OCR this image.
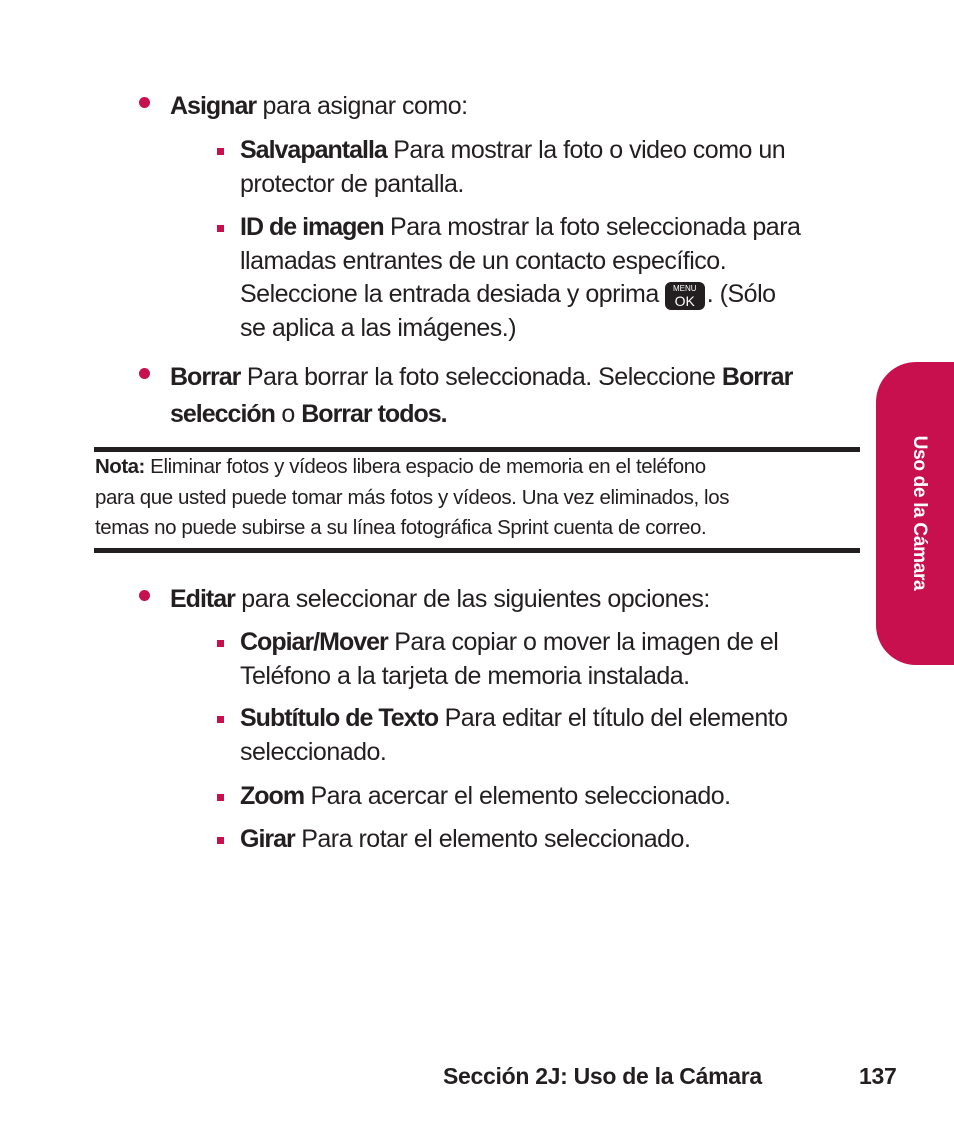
Asignar para asignar como:
Salvapantalla Para mostrar la foto o video como un
protector de pantalla.
ID de imagen Para mostrar la foto seleccionada para
llamadas entrantes de un contacto específico.
Seleccione la entrada desiada y oprima	MENU
OK . (Sólo
se aplica a las imágenes.)
Borrar Para borrar la foto seleccionada. Seleccione Borrar
selección o Borrar todos.
Nota: Eliminar fotos y vídeos libera espacio de memoria en el teléfono
para que usted puede tomar más fotos y vídeos. Una vez eliminados, los
temas no puede subirse a su línea fotográfica Sprint cuenta de correo.
Editar para seleccionar de las siguientes opciones:
Copiar/Mover Para copiar o mover la imagen de el
Teléfono a la tarjeta de memoria instalada.
Subtítulo de Texto Para editar el título del elemento
seleccionado.
Zoom Para acercar el elemento seleccionado.
Girar Para rotar el elemento seleccionado.
Uso de la Cámara
Sección 2J: Uso de la Cámara	137
